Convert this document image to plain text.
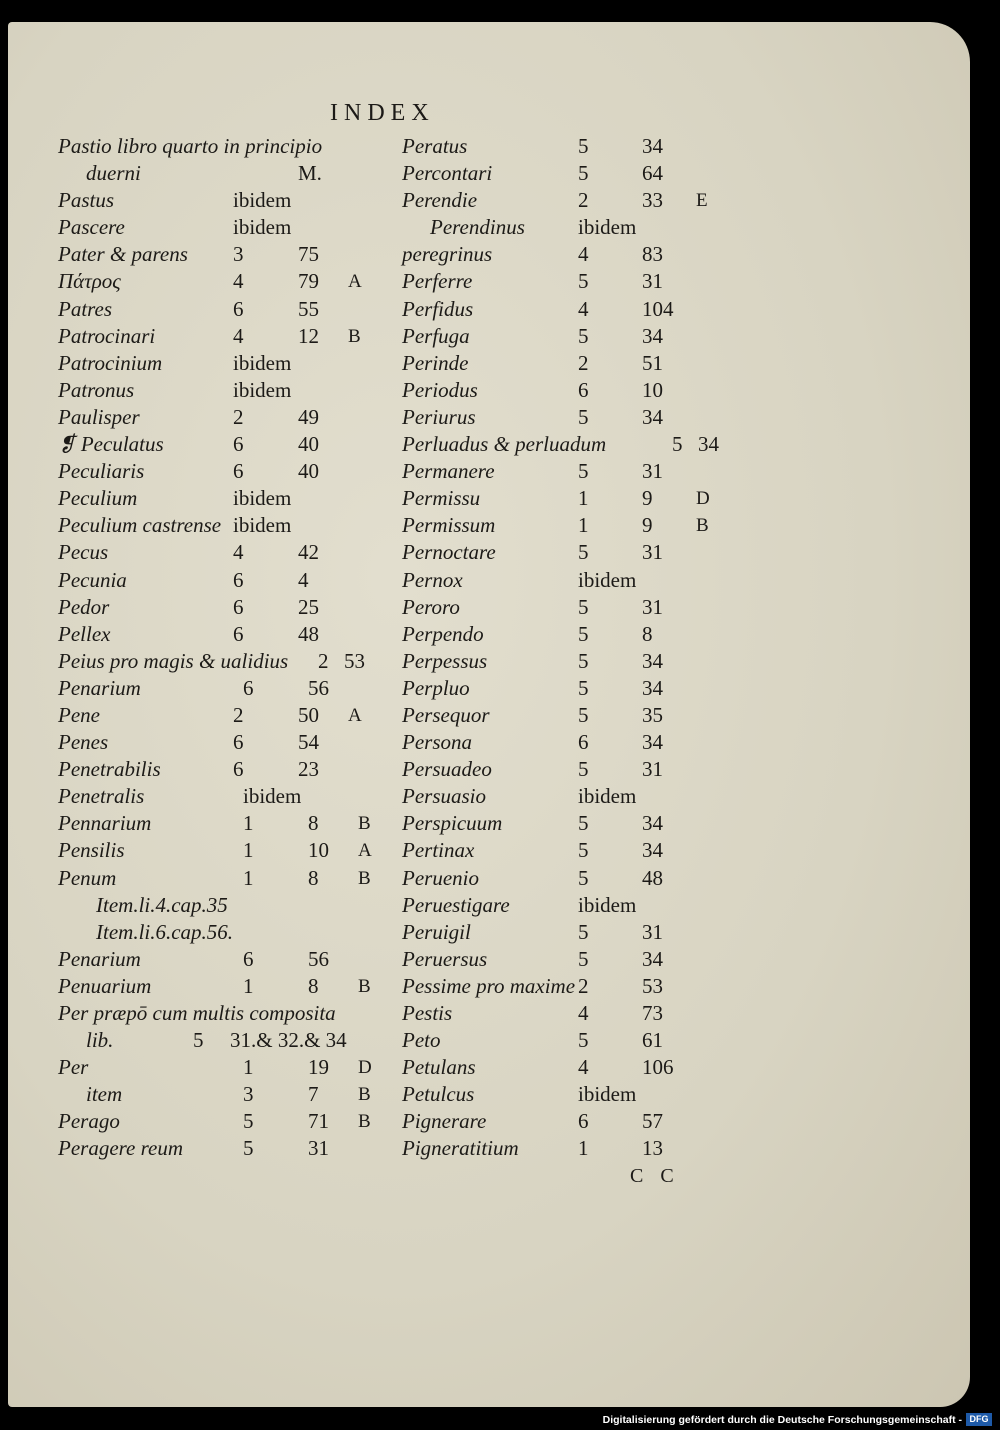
INDEX
Pastio libro quarto in principio
duerni	M.
Pastus	ibidem
Pascere	ibidem
Pater & parens 3	75
Πάτρος	4	79 A
Patres	6	55
Patrocinari	4	12 B
Patrocinium	ibidem
Patronus	ibidem
Paulisper	2	49
❡ Peculatus	6	40
Peculiaris	6	40
Peculium	ibidem
Peculium castrense ibidem
Pecus	4	42
Pecunia	6	4
Pedor	6	25
Pellex	6	48
Peius pro magis & ualidius 2 53
Penarium	6	56
Pene	2	50 A
Penes	6	54
Penetrabilis	6	23
Penetralis	ibidem
Pennarium	1	8 B
Pensilis	1	10 A
Penum	1	8 B
Item.li.4.cap.35
Item.li.6.cap.56.
Penarium	6	56
Penuarium	1	8 B
Per præpō cum multis composita
lib.	5 31.& 32.& 34
Per	1	19 D
item	3	7 B
Perago	5	71 B
Peragere reum	5	31
Peratus	5	34
Percontari	5	64
Perendie	2	33 E
Perendinus	ibidem
peregrinus	4	83
Perferre	5	31
Perfidus	4	104
Perfuga	5	34
Perinde	2	51
Periodus	6	10
Periurus	5	34
Perluadus & perluadum	5 34
Permanere	5	31
Permissu	1	9 D
Permissum	1	9 B
Pernoctare	5	31
Pernox	ibidem
Peroro	5	31
Perpendo	5	8
Perpessus	5	34
Perpluo	5	34
Persequor	5	35
Persona	6	34
Persuadeo	5	31
Persuasio	ibidem
Perspicuum	5	34
Pertinax	5	34
Peruenio	5	48
Peruestigare	ibidem
Peruigil	5	31
Peruersus	5	34
Pessime pro maxime 2	53
Pestis	4	73
Peto	5	61
Petulans	4	106
Petulcus	ibidem
Pignerare	6	57
Pigneratitium	1	13
C C
Digitalisierung gefördert durch die Deutsche Forschungsgemeinschaft - DFG
